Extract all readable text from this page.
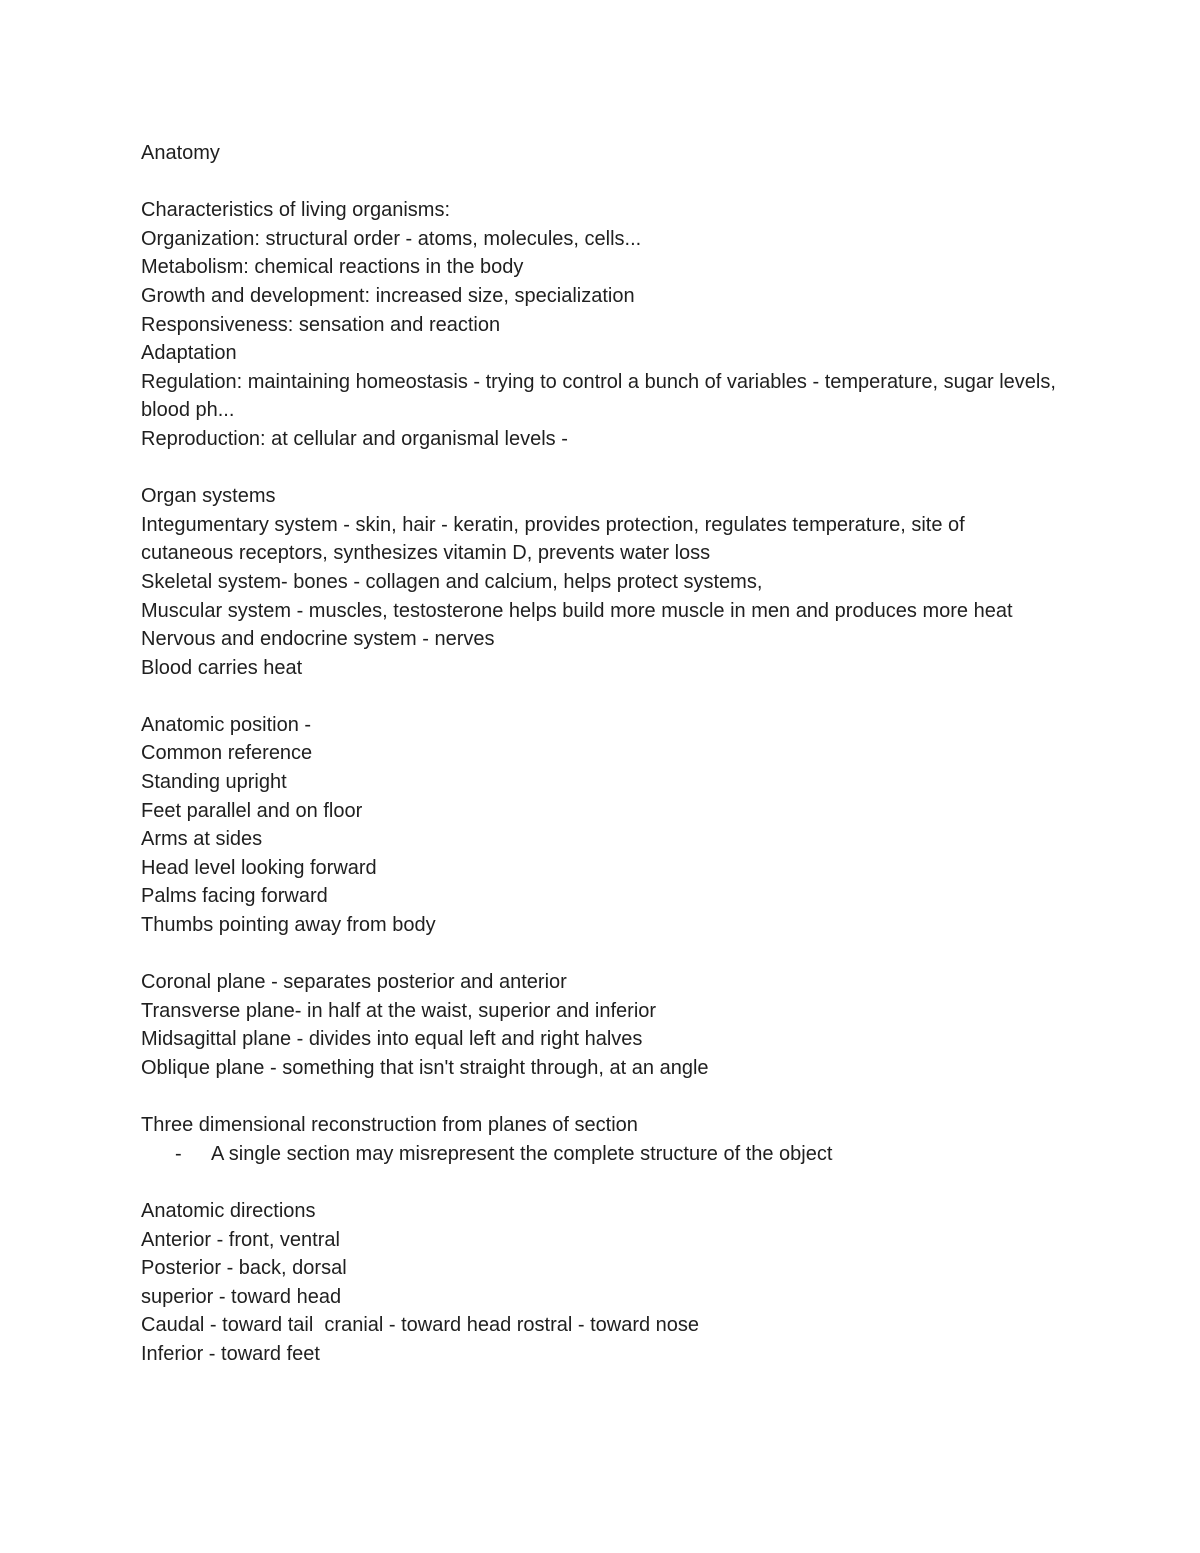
Anatomy
Characteristics of living organisms:
Organization: structural order - atoms, molecules, cells...
Metabolism: chemical reactions in the body
Growth and development: increased size, specialization
Responsiveness: sensation and reaction
Adaptation
Regulation: maintaining homeostasis - trying to control a bunch of variables - temperature, sugar levels, blood ph...
Reproduction: at cellular and organismal levels -
Organ systems
Integumentary system - skin, hair - keratin, provides protection, regulates temperature, site of cutaneous receptors, synthesizes vitamin D, prevents water loss
Skeletal system- bones - collagen and calcium, helps protect systems,
Muscular system - muscles, testosterone helps build more muscle in men and produces more heat
Nervous and endocrine system - nerves
Blood carries heat
Anatomic position -
Common reference
Standing upright
Feet parallel and on floor
Arms at sides
Head level looking forward
Palms facing forward
Thumbs pointing away from body
Coronal plane - separates posterior and anterior
Transverse plane- in half at the waist, superior and inferior
Midsagittal plane - divides into equal left and right halves
Oblique plane - something that isn't straight through, at an angle
Three dimensional reconstruction from planes of section
-	A single section may misrepresent the complete structure of the object
Anatomic directions
Anterior - front, ventral
Posterior - back, dorsal
superior - toward head
Caudal - toward tail  cranial - toward head rostral - toward nose
Inferior - toward feet
